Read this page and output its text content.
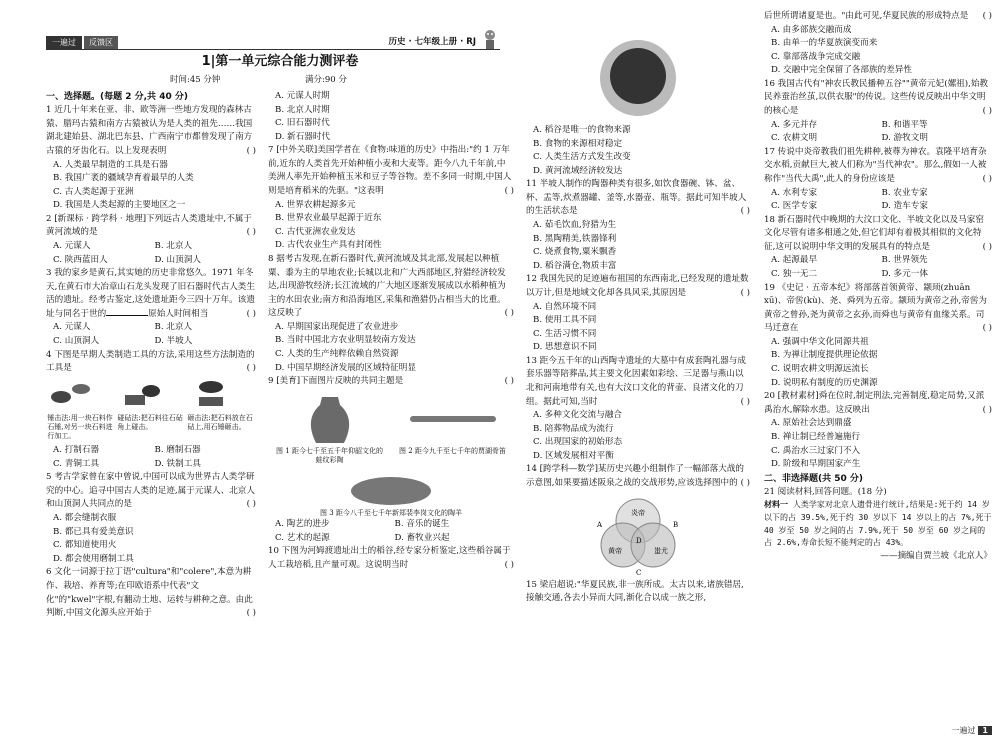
一遍过	反馈区	历史 · 七年级上册 · RJ
1|第一单元综合能力测评卷
时间:45 分钟	满分:90 分
一、选择题。(每题 2 分,共 40 分)

1 近几十年来在亚、非、欧等洲一些地方发现的森林古猿、腊玛古猿和南方古猿被认为是人类的祖先……我国湖北建始县、湖北巴东县、广西南宁市都曾发现了南方古猿的牙齿化石。以上发现表明	( )

A. 人类最早制造的工具是石器
B. 我国广袤的疆域孕育着最早的人类
C. 古人类起源于亚洲
D. 我国是人类起源的主要地区之一

2 [新课标 · 跨学科 · 地理]下列远古人类遗址中,不属于黄河流域的是	( )

A. 元谋人	B. 北京人
C. 陕西蓝田人	D. 山顶洞人

3 我的家乡是黄石,其实她的历史非常悠久。1971 年冬天,在黄石市大冶章山石龙头发现了旧石器时代古人类生活的遗址。经考古鉴定,这处遗址距今三四十万年。该遗址与同名于世的	原始人时间相当	( )

A. 元谋人	B. 北京人
C. 山顶洞人	D. 半坡人

4 下图是早期人类制造工具的方法,采用这些方法制造的工具是	( )

锤击法:用一块石料作石锤,对另一块石料进行加工。
碰砧法:把石料往石砧角上碰击。
砸击法:把石料放在石砧上,用石锤砸击。
A. 打制石器	B. 磨制石器
C. 青铜工具	D. 铁制工具

5 考古学家曾在家中曾说,中国可以成为世界古人类学研究的中心。追寻中国古人类的足迹,属于元谋人、北京人和山顶洞人共同点的是	( )

A. 都会缝制衣服
B. 都已具有爱美意识
C. 都知道使用火
D. 都会使用磨制工具

6 文化一词源于拉丁语"cultura"和"colere",本意为耕作、栽培、养育等;在印欧语系中代表"文化"的"kwel"字根,有翻动土地、运转与耕种之意。由此判断,中国文化源头应开始于	( )

A. 元谋人时期
B. 北京人时期
C. 旧石器时代
D. 新石器时代

7 [中外关联]美国学者在《食物:味道的历史》中指出:"约 1 万年前,近东的人类首先开始种植小麦和大麦等。距今八九千年前,中美洲人率先开始种植玉米和豆子等谷物。差不多同一时期,中国人则是培育稻米的先驱。"这表明	( )

A. 世界农耕起源多元
B. 世界农业最早起源于近东
C. 古代亚洲农业发达
D. 古代农业生产具有封闭性

8 据考古发现,在新石器时代,黄河流域及其北部,发展起以种植粟、黍为主的旱地农业;长城以北和广大西部地区,狩猎经济较发达,出现游牧经济;长江流域的广大地区逐渐发展成以水稻种植为主的水田农业;南方和沿海地区,采集和渔猎仍占相当大的比重。这反映了	( )

A. 早期国家出现促进了农业进步
B. 当时中国北方农业明显较南方发达
C. 人类的生产纯粹依赖自然资源
D. 中国早期经济发展的区域特征明显

9 [美育]下面图片反映的共同主题是	( )

图 1 距今七千至五千年仰韶文化的蛙纹彩陶
图 2 距今九千至七千年的贾湖骨笛
图 3 距今八千至七千年新郑裴李岗文化的陶羊
A. 陶艺的进步	B. 音乐的诞生
C. 艺术的起源	D. 畜牧业兴起

10 下图为河姆渡遗址出土的稻谷,经专家分析鉴定,这些稻谷属于人工栽培稻,且产量可观。这说明当时	( )

A. 稻谷是唯一的食物来源
B. 食物的来源相对稳定
C. 人类生活方式发生改变
D. 黄河流域经济较发达

11 半坡人制作的陶器种类有很多,如饮食器碗、钵、盆、杯、盂等,炊煮器罐、釜等,水器壶、瓶等。据此可知半坡人的生活状态是	( )

A. 茹毛饮血,狩猎为生
B. 黑陶精美,铁器锋利
C. 烧煮食物,粟米飘香
D. 稻谷满仓,物质丰富

12 我国先民的足迹遍布祖国的东西南北,已经发现的遗址数以万计,但是地域文化却各具风采,其原因是	( )

A. 自然环境不同
B. 使用工具不同
C. 生活习惯不同
D. 思想意识不同

13 距今五千年的山西陶寺遗址的大墓中有成套陶礼器与成套乐器等陪葬品,其主要文化因素如彩绘、三足器与燕山以北和河南地带有关,也有大汶口文化的背壶、良渚文化的刀组。据此可知,当时	( )

A. 多种文化交流与融合
B. 陪葬物品成为流行
C. 出现国家的初始形态
D. 区域发展相对平衡

14 [跨学科—数学]某历史兴趣小组制作了一幅部落大战的示意图,如果要描述阪泉之战的交战形势,应该选择图中的 ( )

炎帝
黄帝	蚩尤
A	B
C
D

15 梁启超说:"华夏民族,非一族所成。太古以来,诸族错居,接触交通,各去小异而大同,渐化合以成一族之形,

后世所谓诸夏是也。"由此可见,华夏民族的形成特点是 ( )

A. 由多部族交融而成
B. 由单一的华夏族演变而来
C. 靠部落战争完成交融
D. 交融中完全保留了各部族的差异性

16 我国古代有"神农氏教民播种五谷""黄帝元妃(嫘祖),始教民养蚕治丝茧,以供衣服"的传说。这些传说反映出中华文明的核心是	( )

A. 多元并存	B. 和谐平等
C. 农耕文明	D. 游牧文明

17 传说中炎帝教我们祖先耕种,被尊为神农。袁隆平培育杂交水稻,贡献巨大,被人们称为"当代神农"。那么,假如一人被称作"当代大禹",此人的身份应该是	( )

A. 水利专家	B. 农业专家
C. 医学专家	D. 造车专家

18 新石器时代中晚期的大汶口文化、半坡文化以及马家窑文化尽管有诸多相通之处,但它们却有着极其相似的文化特征,这可以说明中华文明的发展具有的特点是	( )

A. 起源最早	B. 世界领先
C. 独一无二	D. 多元一体

19 《史记 · 五帝本纪》将部落首领黄帝、颛顼(zhuān xū)、帝喾(kù)、尧、舜列为五帝。颛顼为黄帝之孙,帝喾为黄帝之曾孙,尧为黄帝之玄孙,而舜也与黄帝有血缘关系。司马迁意在	( )

A. 强调中华文化同源共祖
B. 为禅让制度提供理论依据
C. 说明农耕文明源远流长
D. 说明私有制度的历史渊源

20 [教材素材]舜在位时,制定刑法,完善制度,稳定局势,又派禹治水,解除水患。这反映出	( )

A. 原始社会达到鼎盛
B. 禅让制已经普遍施行
C. 禹治水三过家门不入
D. 阶级和早期国家产生
二、非选择题(共 50 分)

21 阅读材料,回答问题。(18 分)

材料一 人类学家对北京人遗骨进行统计,结果是:死于约 14 岁以下的占 39.5%,死于约 30 岁以下 14 岁以上的占 7%,死于 40 岁至 50 岁之间的占 7.9%,死于 50 岁至 60 岁之间的占 2.6%,寿命长短不能判定的占 43%。

——摘编自贾兰坡《北京人》

一遍过 1
